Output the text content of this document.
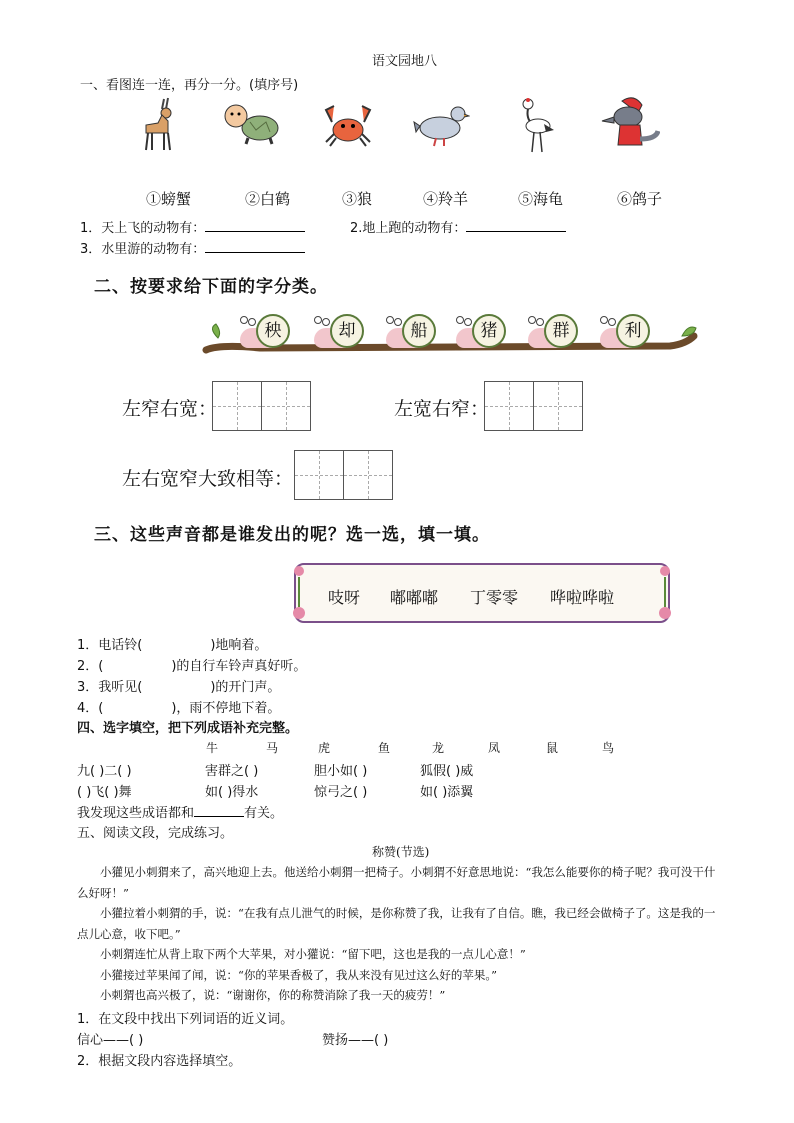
语文园地八
一、看图连一连，再分一分。(填序号)
①螃蟹	②白鹤	③狼	④羚羊	⑤海龟	⑥鸽子
1．天上飞的动物有：	2.地上跑的动物有：
3．水里游的动物有：
二、按要求给下面的字分类。
秧	却	船	猪	群	利
左窄右宽：	左宽右窄：
左右宽窄大致相等：
三、这些声音都是谁发出的呢？选一选，填一填。
吱呀 嘟嘟嘟 丁零零 哗啦哗啦
1．电话铃(	)地响着。
2．(	)的自行车铃声真好听。
3．我听见(	)的开门声。
4．(	)，雨不停地下着。
四、选字填空，把下列成语补充完整。
牛	马	虎	鱼	龙	凤	鼠	鸟
九( )二( )	害群之( )	胆小如( )	狐假( )威
( )飞( )舞	如( )得水	惊弓之( )	如( )添翼
我发现这些成语都和	有关。
五、阅读文段，完成练习。
称赞(节选)

小獾见小刺猬来了，高兴地迎上去。他送给小刺猬一把椅子。小刺猬不好意思地说：“我怎么能要你的椅子呢？我可没干什么好呀！”

小獾拉着小刺猬的手，说：“在我有点儿泄气的时候，是你称赞了我，让我有了自信。瞧，我已经会做椅子了。这是我的一点儿心意，收下吧。”

小刺猬连忙从背上取下两个大苹果，对小獾说：“留下吧，这也是我的一点儿心意！”

小獾接过苹果闻了闻，说：“你的苹果香极了，我从来没有见过这么好的苹果。”

小刺猬也高兴极了，说：“谢谢你，你的称赞消除了我一天的疲劳！”

1．在文段中找出下列词语的近义词。
信心——( )	赞扬——( )
2．根据文段内容选择填空。
